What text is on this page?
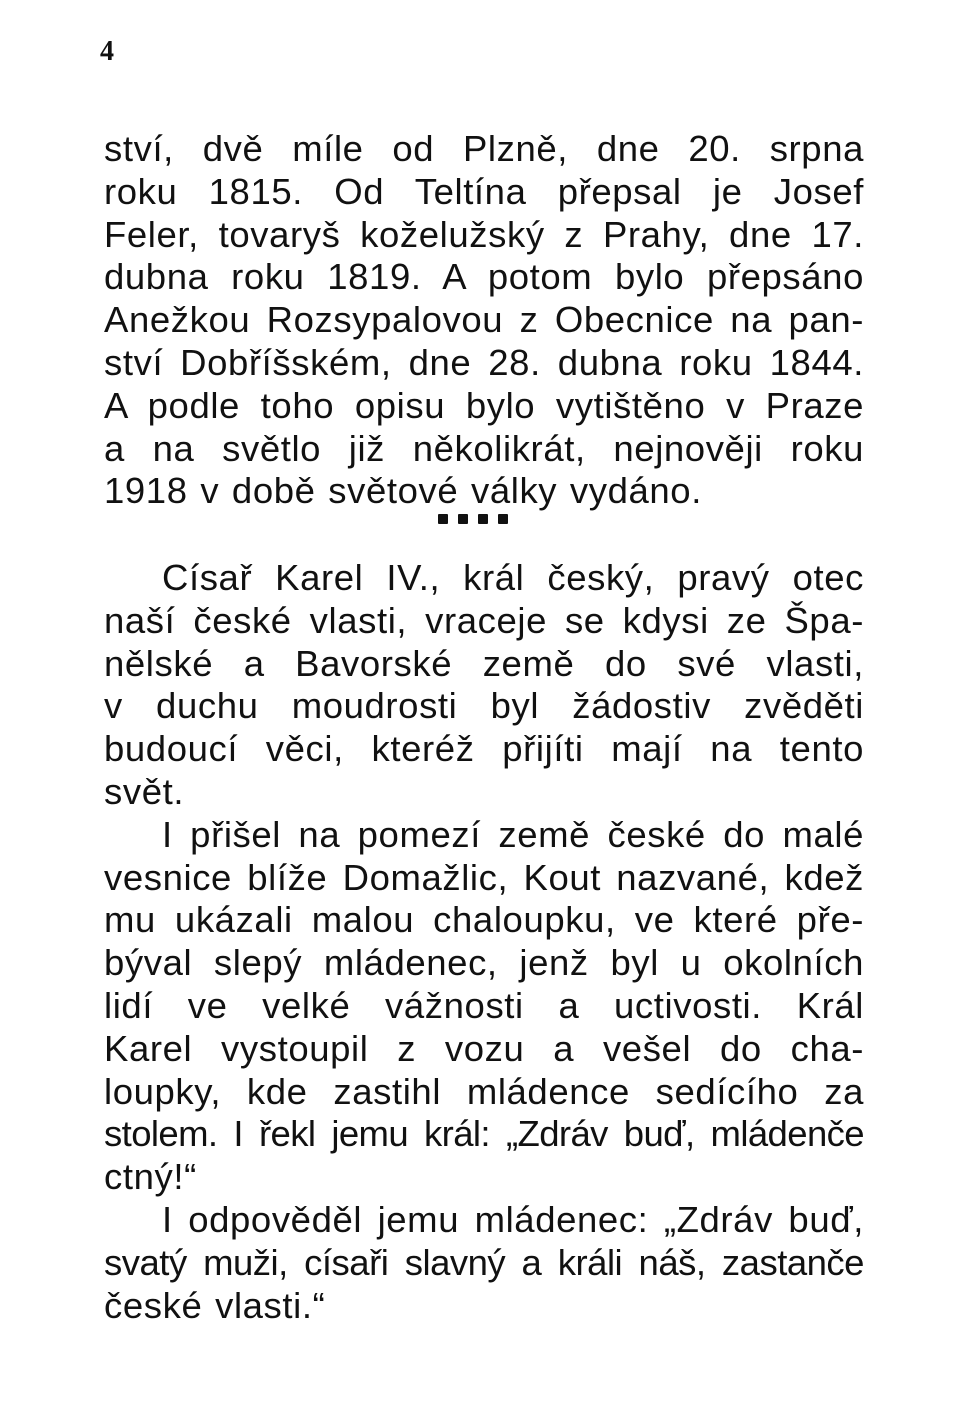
4
ství, dvě míle od Plzně, dne 20. srpna
roku 1815. Od Teltína přepsal je Josef
Feler, tovaryš koželužský z Prahy, dne 17.
dubna roku 1819. A potom bylo přepsáno
Anežkou Rozsypalovou z Obecnice na pan-
ství Dobříšském, dne 28. dubna roku 1844.
A podle toho opisu bylo vytištěno v Praze
a na světlo již několikrát, nejnověji roku
1918 v době světové války vydáno.
Císař Karel IV., král český, pravý otec
naší české vlasti, vraceje se kdysi ze Špa-
nělské a Bavorské země do své vlasti,
v duchu moudrosti byl žádostiv zvěděti
budoucí věci, kteréž přijíti mají na tento
svět.
I přišel na pomezí země české do malé
vesnice blíže Domažlic, Kout nazvané, kdež
mu ukázali malou chaloupku, ve které pře-
býval slepý mládenec, jenž byl u okolních
lidí ve velké vážnosti a uctivosti. Král
Karel vystoupil z vozu a vešel do cha-
loupky, kde zastihl mládence sedícího za
stolem. I řekl jemu král: „Zdráv buď, mládenče
ctný!“
I odpověděl jemu mládenec: „Zdráv buď,
svatý muži, císaři slavný a králi náš, zastanče
české vlasti.“
